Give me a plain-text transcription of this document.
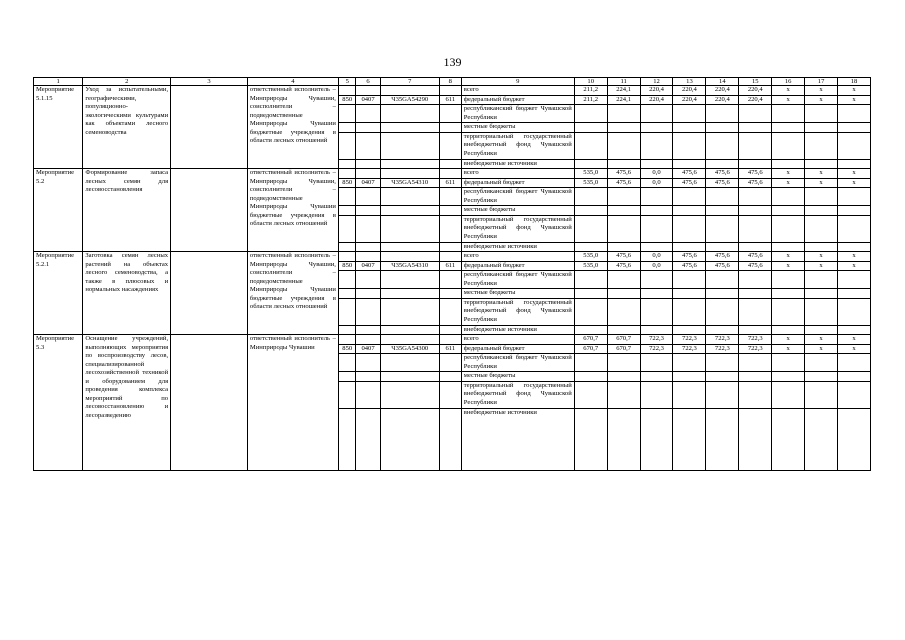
139
1	2	3	4	5	6	7	8	9	10	11	12	13	14	15	16	17	18
Мероприятие 5.1.15	Уход за испытательными, географическими, популяционно-экологическими культурами как объектами лесного семеноводства		ответственный исполнитель – Минприроды Чувашии, соисполнители – подведомственные Минприроды Чувашии бюджетные учреждения в области лесных отношений					всего	211,2	224,1	220,4	220,4	220,4	220,4	x	x	x
				850	0407	Ч35GA54290	611	федеральный бюджет	211,2	224,1	220,4	220,4	220,4	220,4	x	x	x
								республиканский бюджет Чувашской Республики									
								местные бюджеты									
								территориальный государственный внебюджетный фонд Чувашской Республики									
								внебюджетные источники									
Мероприятие 5.2	Формирование запаса лесных семян для лесовосстановления		ответственный исполнитель – Минприроды Чувашии, соисполнители – подведомственные Минприроды Чувашии бюджетные учреждения в области лесных отношений					всего	535,0	475,6	0,0	475,6	475,6	475,6	x	x	x
				850	0407	Ч35GA54310	611	федеральный бюджет	535,0	475,6	0,0	475,6	475,6	475,6	x	x	x
								республиканский бюджет Чувашской Республики									
								местные бюджеты									
								территориальный государственный внебюджетный фонд Чувашской Республики									
								внебюджетные источники									
Мероприятие 5.2.1	Заготовка семян лесных растений на объектах лесного семеноводства, а также в плюсовых и нормальных насаждениях		ответственный исполнитель – Минприроды Чувашии, соисполнители – подведомственные Минприроды Чувашии бюджетные учреждения в области лесных отношений					всего	535,0	475,6	0,0	475,6	475,6	475,6	x	x	x
				850	0407	Ч35GA54310	611	федеральный бюджет	535,0	475,6	0,0	475,6	475,6	475,6	x	x	x
								республиканский бюджет Чувашской Республики									
								местные бюджеты									
								территориальный государственный внебюджетный фонд Чувашской Республики									
								внебюджетные источники									
Мероприятие 5.3	Оснащение учреждений, выполняющих мероприятия по воспроизводству лесов, специализированной лесохозяйственной техникой и оборудованием для проведения комплекса мероприятий по лесовосстановлению и лесоразведению		ответственный исполнитель – Минприроды Чувашии					всего	670,7	670,7	722,3	722,3	722,3	722,3	x	x	x
				850	0407	Ч35GA54300	611	федеральный бюджет	670,7	670,7	722,3	722,3	722,3	722,3	x	x	x
								республиканский бюджет Чувашской Республики									
								местные бюджеты									
								территориальный государственный внебюджетный фонд Чувашской Республики									
								внебюджетные источники									
